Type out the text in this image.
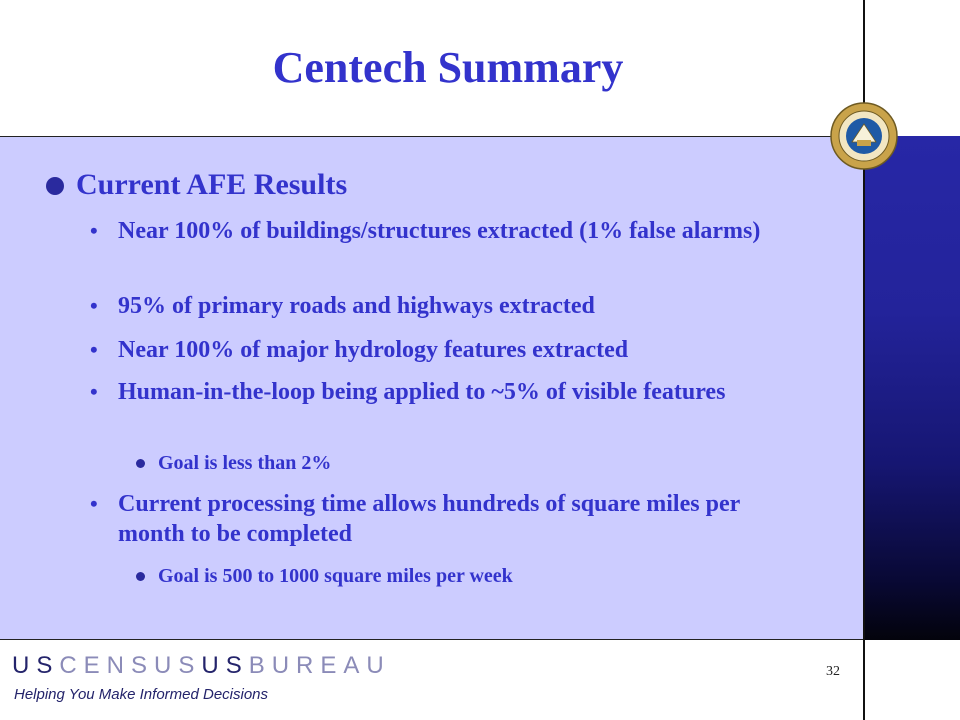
Centech Summary
Current AFE Results
• Near 100% of buildings/structures extracted (1% false alarms)
• 95% of primary roads and highways extracted
• Near 100% of major hydrology features extracted
• Human-in-the-loop being applied to ~5% of visible features
Goal is less than 2%
• Current processing time allows hundreds of square miles per month to be completed
Goal is 500 to 1000 square miles per week
USCENSUSUSBUREAU
Helping You Make Informed Decisions
32
